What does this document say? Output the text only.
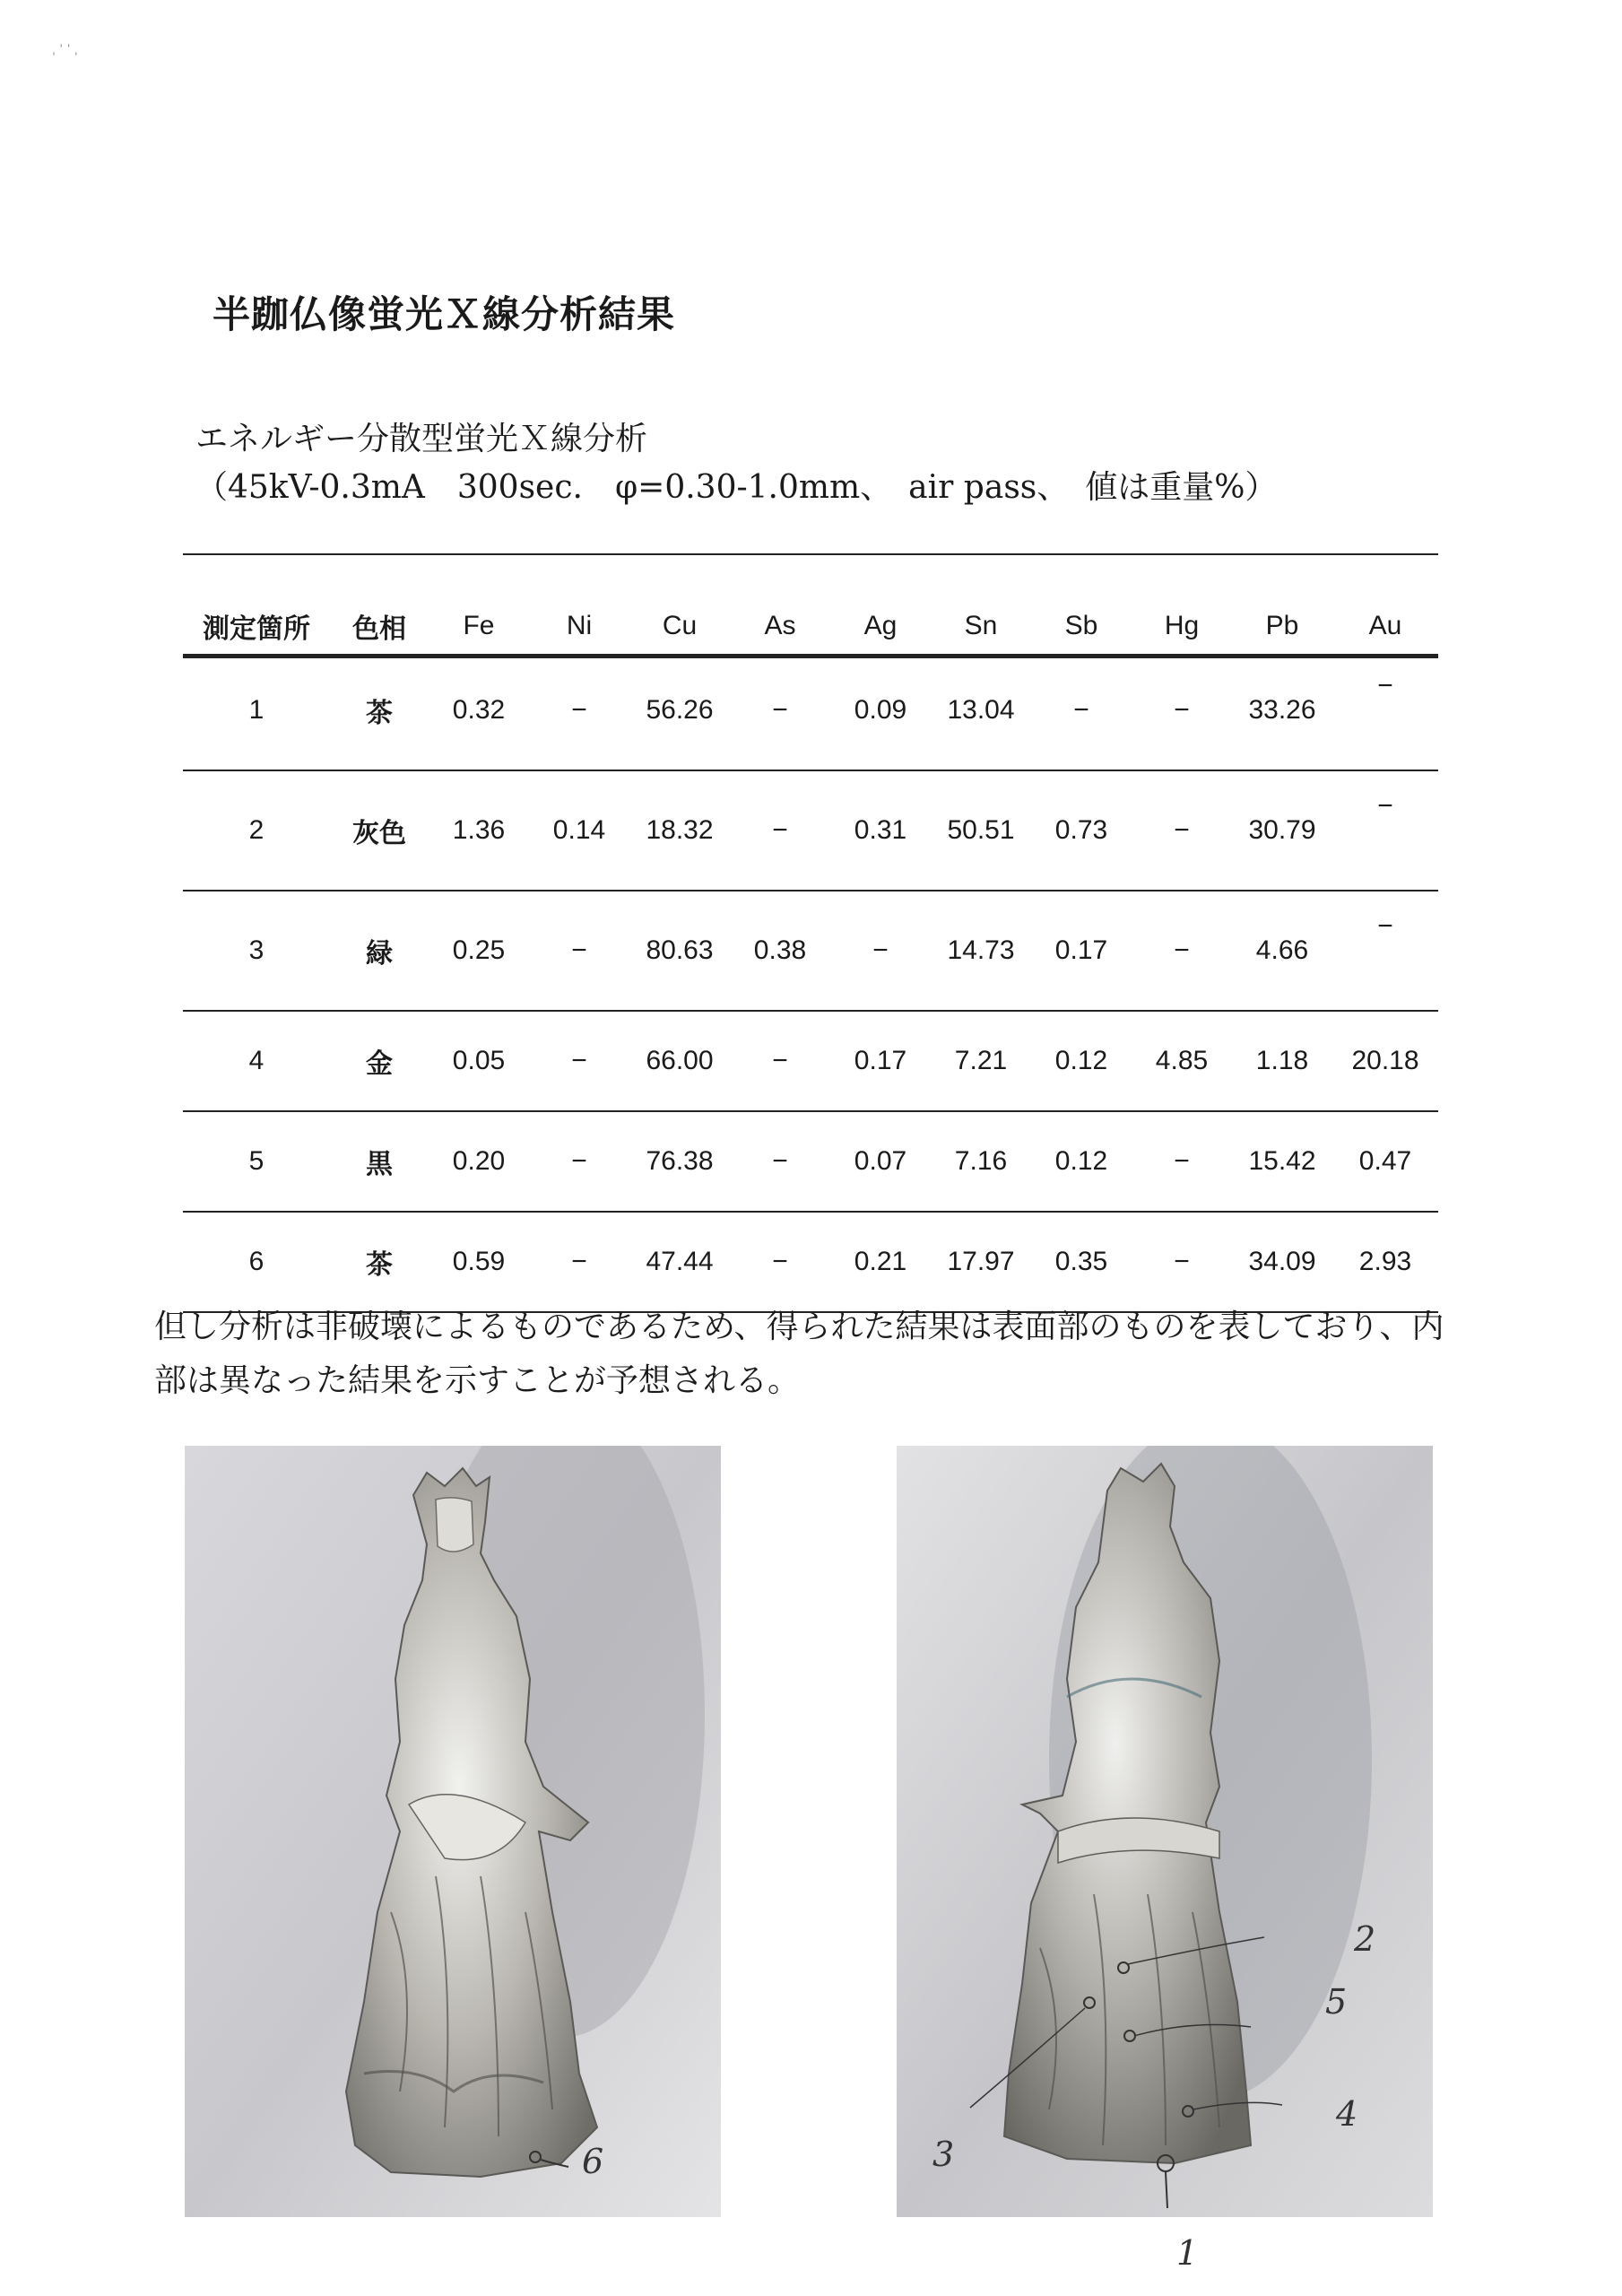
ˌ ˈ ˈ ˌ
半跏仏像蛍光Ｘ線分析結果
エネルギー分散型蛍光Ｘ線分析
（45kV-0.3mA　300sec.　φ=0.30-1.0mm、　air pass、　値は重量%）
測定箇所	色相	Fe	Ni	Cu	As	Ag	Sn	Sb	Hg	Pb	Au
1	茶	0.32	−	56.26	−	0.09	13.04	−	−	33.26	−
2	灰色	1.36	0.14	18.32	−	0.31	50.51	0.73	−	30.79	−
3	緑	0.25	−	80.63	0.38	−	14.73	0.17	−	4.66	−
4	金	0.05	−	66.00	−	0.17	7.21	0.12	4.85	1.18	20.18
5	黒	0.20	−	76.38	−	0.07	7.16	0.12	−	15.42	0.47
6	茶	0.59	−	47.44	−	0.21	17.97	0.35	−	34.09	2.93
但し分析は非破壊によるものであるため、得られた結果は表面部のものを表しており、内
部は異なった結果を示すことが予想される。
6
2
5
4
3
1
